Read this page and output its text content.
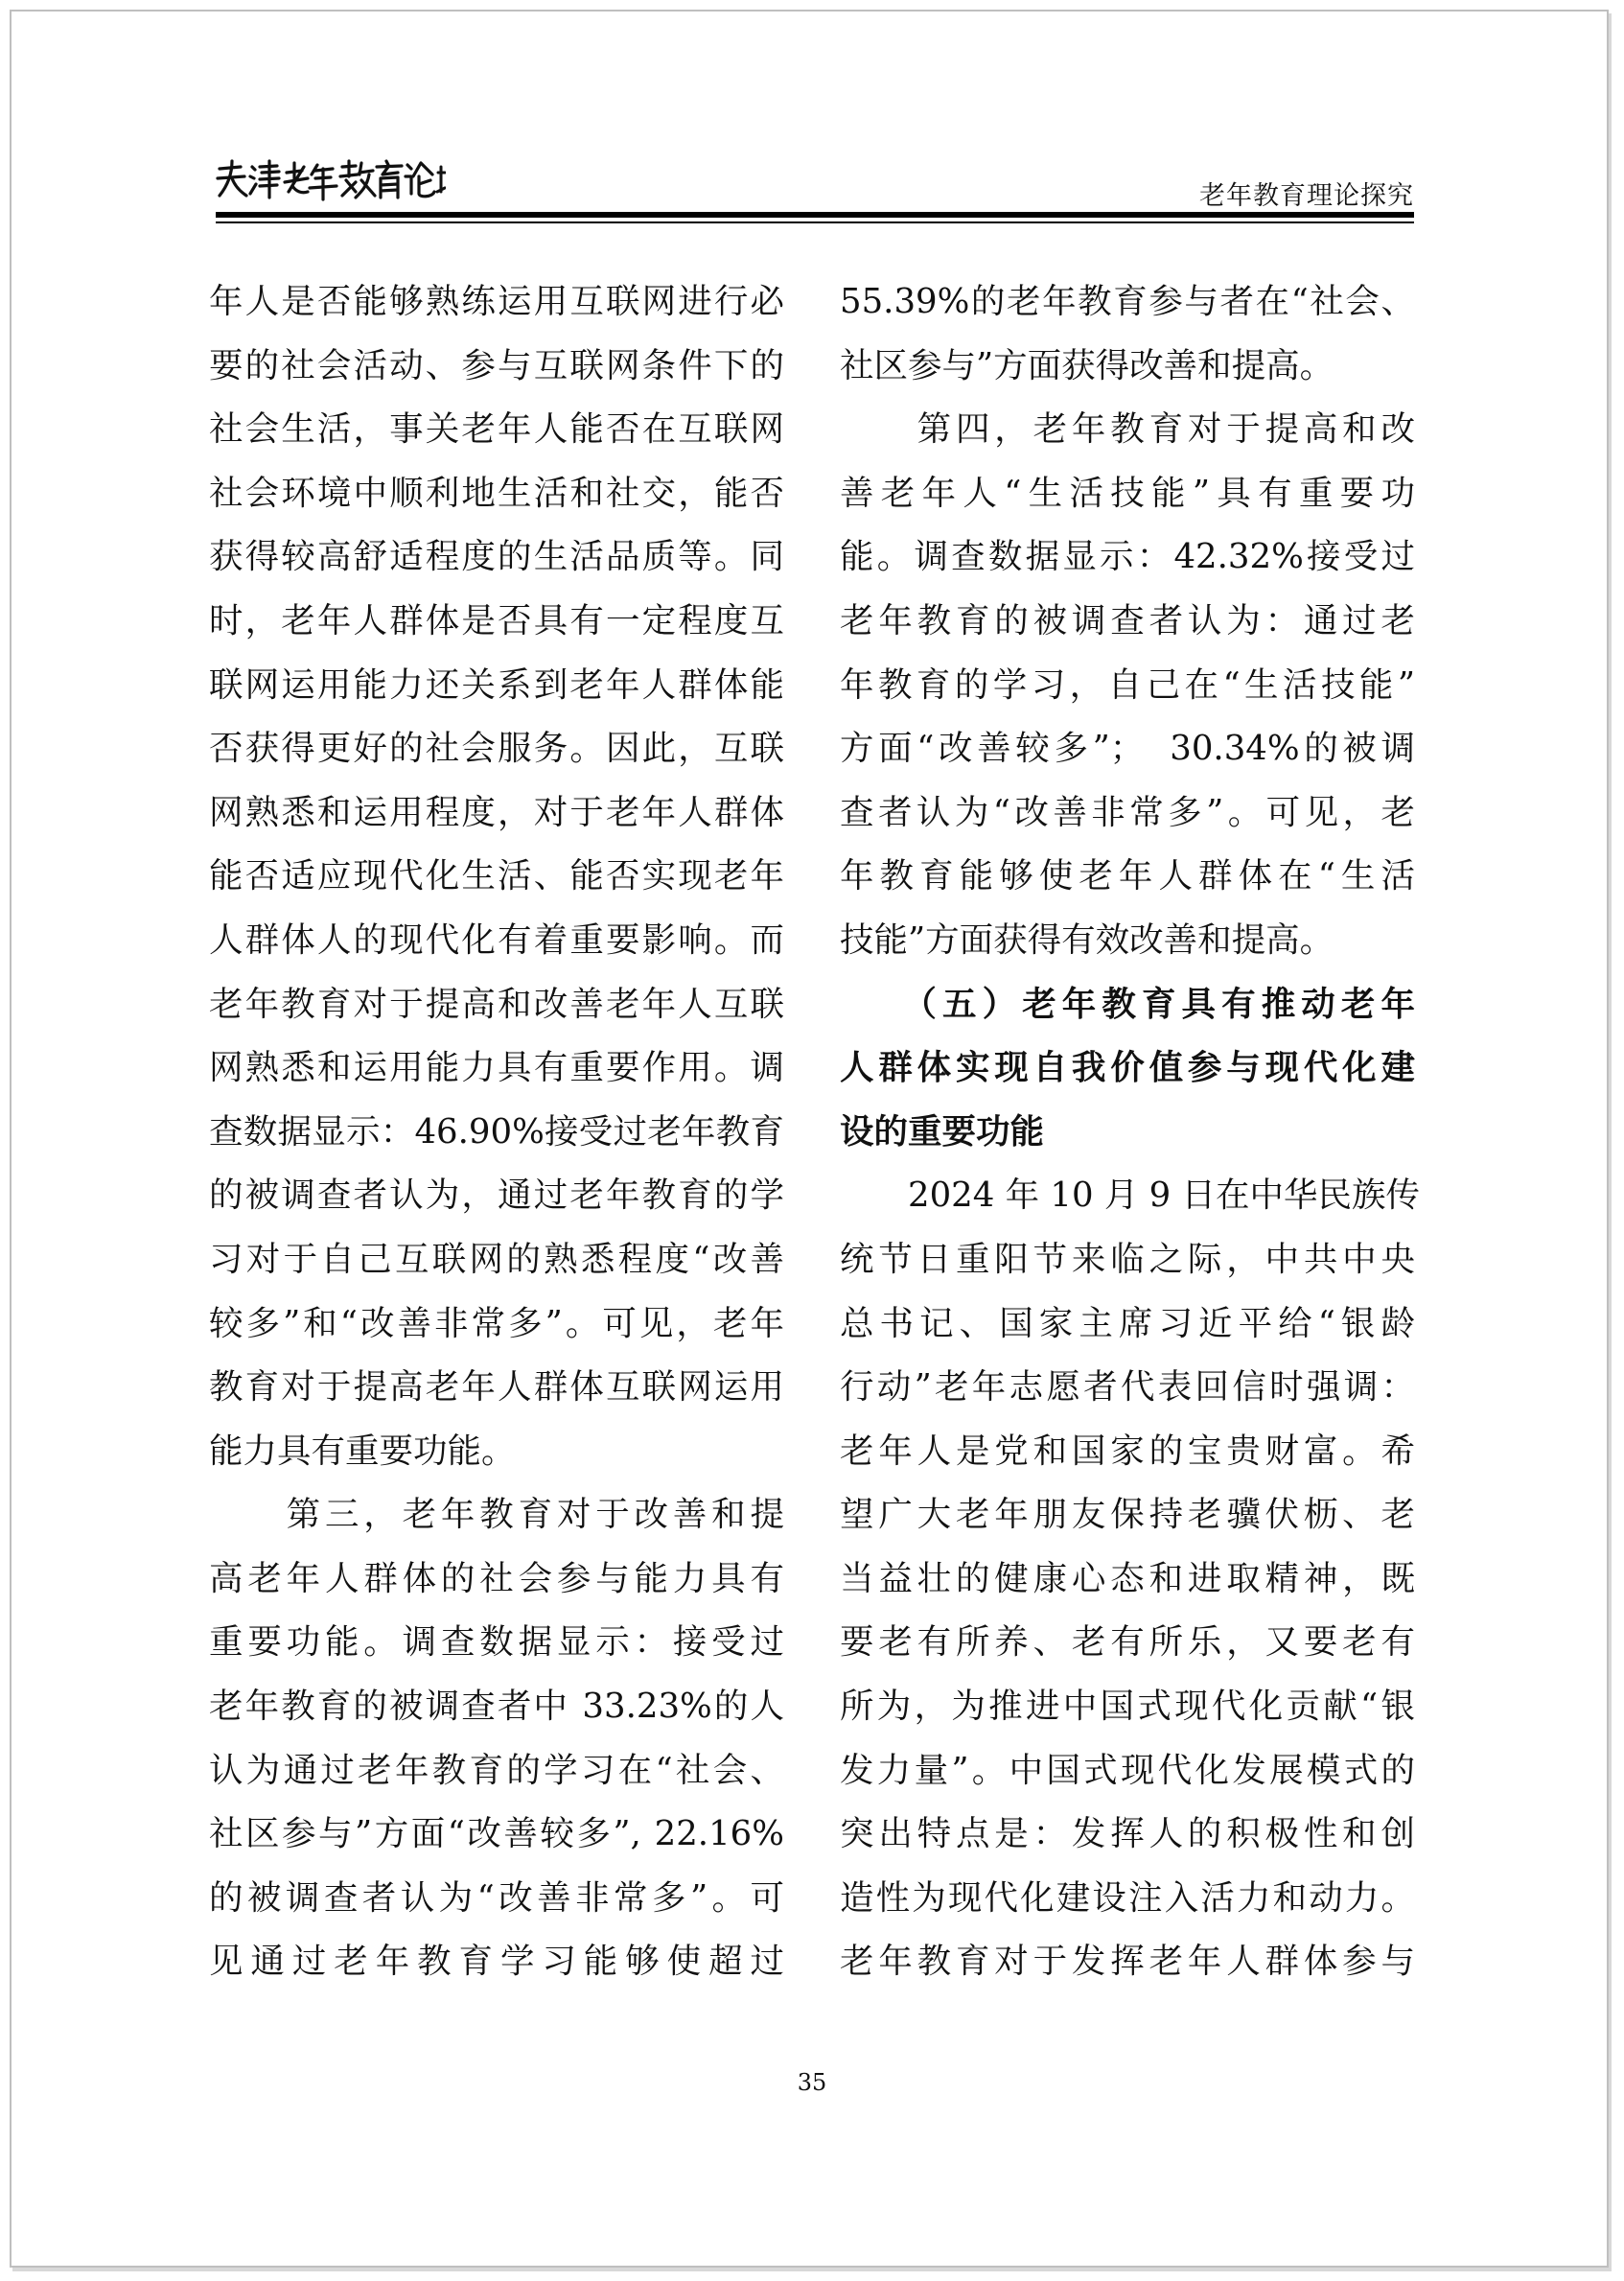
老年教育理论探究
年人是否能够熟练运用互联网进行必
要的社会活动、参与互联网条件下的
社会生活，事关老年人能否在互联网
社会环境中顺利地生活和社交，能否
获得较高舒适程度的生活品质等。同
时，老年人群体是否具有一定程度互
联网运用能力还关系到老年人群体能
否获得更好的社会服务。因此，互联
网熟悉和运用程度，对于老年人群体
能否适应现代化生活、能否实现老年
人群体人的现代化有着重要影响。而
老年教育对于提高和改善老年人互联
网熟悉和运用能力具有重要作用。调
查数据显示：46.90%接受过老年教育
的被调查者认为，通过老年教育的学
习对于自己互联网的熟悉程度“改善
较多”和“改善非常多”。可见，老年
教育对于提高老年人群体互联网运用
能力具有重要功能。
　　第三，老年教育对于改善和提
高老年人群体的社会参与能力具有
重要功能。调查数据显示：接受过
老年教育的被调查者中 33.23%的人
认为通过老年教育的学习在“社会、
社区参与”方面“改善较多”, 22.16%
的被调查者认为“改善非常多”。可
见通过老年教育学习能够使超过
55.39%的老年教育参与者在“社会、
社区参与”方面获得改善和提高。
　　第四，老年教育对于提高和改
善老年人“生活技能”具有重要功
能。调查数据显示：42.32%接受过
老年教育的被调查者认为：通过老
年教育的学习，自己在“生活技能”
方面“改善较多”；　30.34%的被调
查者认为“改善非常多”。可见，老
年教育能够使老年人群体在“生活
技能”方面获得有效改善和提高。
　　（五）老年教育具有推动老年
人群体实现自我价值参与现代化建
设的重要功能
　　2024 年 10 月 9 日在中华民族传
统节日重阳节来临之际，中共中央
总书记、国家主席习近平给“银龄
行动”老年志愿者代表回信时强调：
老年人是党和国家的宝贵财富。希
望广大老年朋友保持老骥伏枥、老
当益壮的健康心态和进取精神，既
要老有所养、老有所乐，又要老有
所为，为推进中国式现代化贡献“银
发力量”。中国式现代化发展模式的
突出特点是：发挥人的积极性和创
造性为现代化建设注入活力和动力。
老年教育对于发挥老年人群体参与
35
